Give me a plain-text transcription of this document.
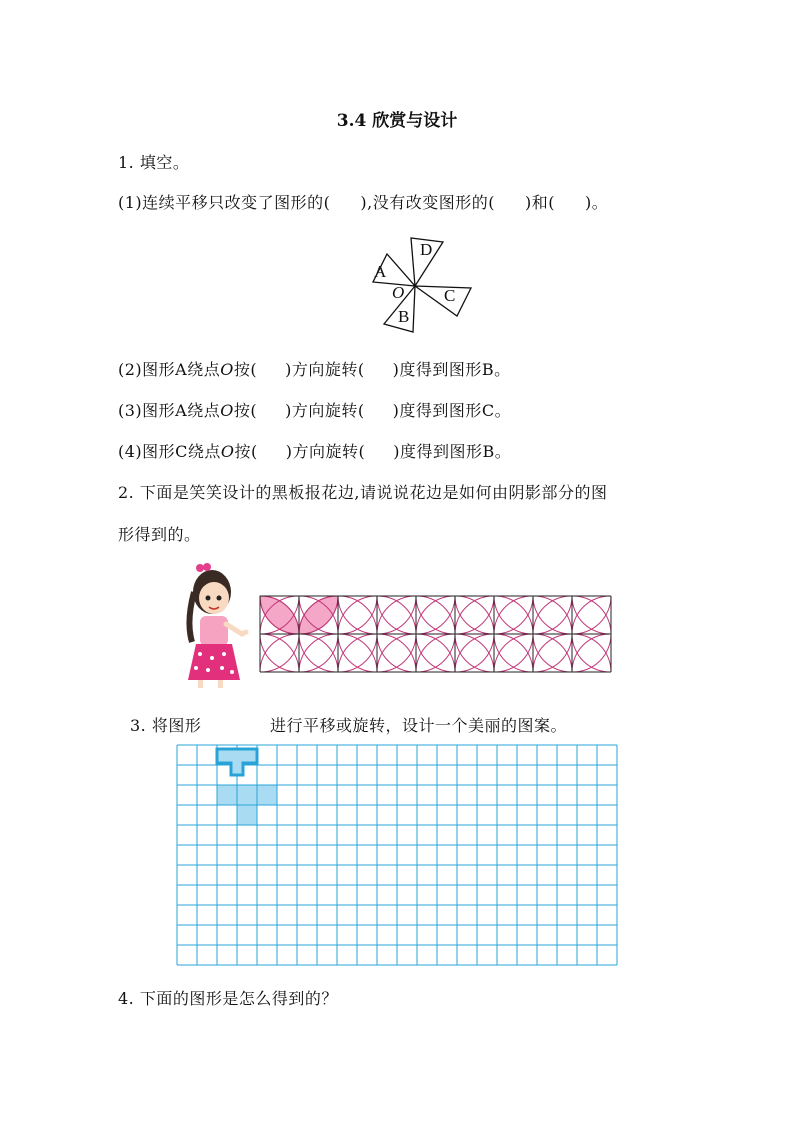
3.4 欣赏与设计
1. 填空。
(1)连续平移只改变了图形的( ),没有改变图形的( )和( )。
A
D
C
B
O
(2)图形A绕点O按( )方向旋转( )度得到图形B。
(3)图形A绕点O按( )方向旋转( )度得到图形C。
(4)图形C绕点O按( )方向旋转( )度得到图形B。
2. 下面是笑笑设计的黑板报花边,请说说花边是如何由阴影部分的图
形得到的。
3. 将图形	进行平移或旋转，设计一个美丽的图案。
4. 下面的图形是怎么得到的？
